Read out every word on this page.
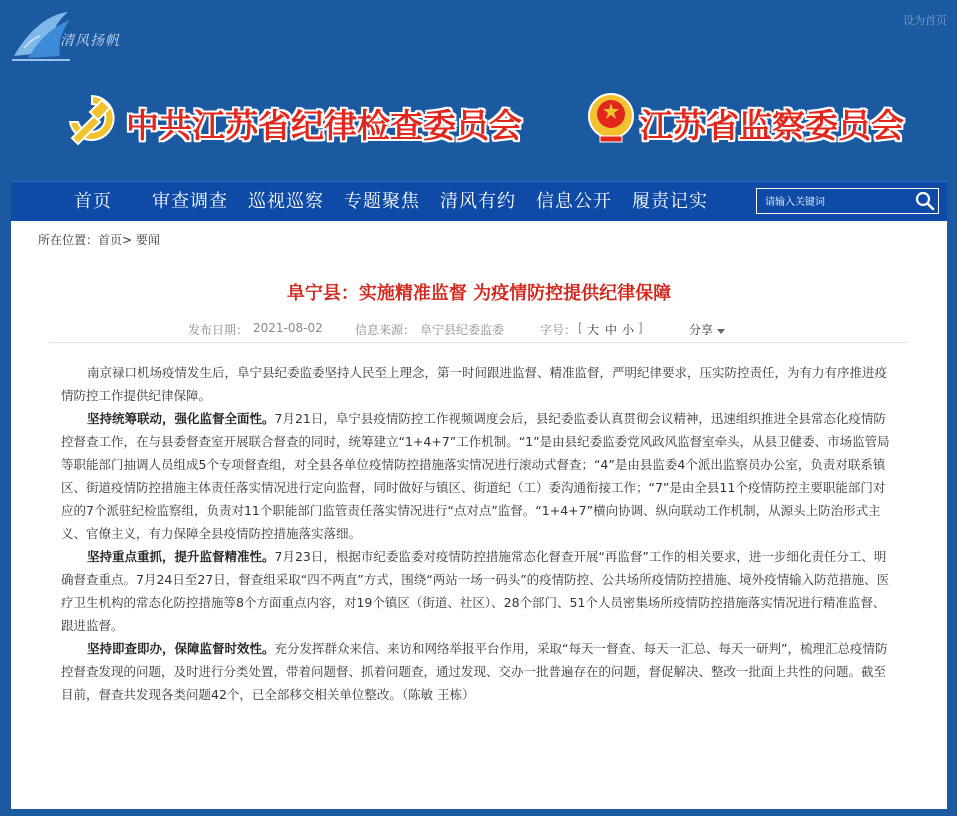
清风扬帆
设为首页
中共江苏省纪律检查委员会	江苏省监察委员会
首页 审查调查 巡视巡察 专题聚焦 清风有约 信息公开 履责记实
请输入关键词
所在位置：首页> 要闻
阜宁县：实施精准监督 为疫情防控提供纪律保障
发布日期： 2021-08-02	信息来源： 阜宁县纪委监委	字号： [ 大 中 小 ]	分享

南京禄口机场疫情发生后，阜宁县纪委监委坚持人民至上理念，第一时间跟进监督、精准监督，严明纪律要求，压实防控责任，为有力有序推进疫情防控工作提供纪律保障。

坚持统筹联动，强化监督全面性。7月21日，阜宁县疫情防控工作视频调度会后，县纪委监委认真贯彻会议精神，迅速组织推进全县常态化疫情防控督查工作，在与县委督查室开展联合督查的同时，统筹建立“1+4+7”工作机制。“1”是由县纪委监委党风政风监督室牵头，从县卫健委、市场监管局等职能部门抽调人员组成5个专项督查组，对全县各单位疫情防控措施落实情况进行滚动式督查；“4”是由县监委4个派出监察员办公室，负责对联系镇区、街道疫情防控措施主体责任落实情况进行定向监督，同时做好与镇区、街道纪（工）委沟通衔接工作；“7”是由全县11个疫情防控主要职能部门对应的7个派驻纪检监察组，负责对11个职能部门监管责任落实情况进行“点对点”监督。“1+4+7”横向协调、纵向联动工作机制，从源头上防治形式主义、官僚主义，有力保障全县疫情防控措施落实落细。

坚持重点重抓，提升监督精准性。7月23日，根据市纪委监委对疫情防控措施常态化督查开展“再监督”工作的相关要求，进一步细化责任分工、明确督查重点。7月24日至27日，督查组采取“四不两直”方式，围绕“两站一场一码头”的疫情防控、公共场所疫情防控措施、境外疫情输入防范措施、医疗卫生机构的常态化防控措施等8个方面重点内容，对19个镇区（街道、社区）、28个部门、51个人员密集场所疫情防控措施落实情况进行精准监督、跟进监督。

坚持即查即办，保障监督时效性。充分发挥群众来信、来访和网络举报平台作用，采取“每天一督查、每天一汇总、每天一研判”，梳理汇总疫情防控督查发现的问题，及时进行分类处置，带着问题督、抓着问题查，通过发现、交办一批普遍存在的问题，督促解决、整改一批面上共性的问题。截至目前，督查共发现各类问题42个，已全部移交相关单位整改。（陈敏 王栋）
